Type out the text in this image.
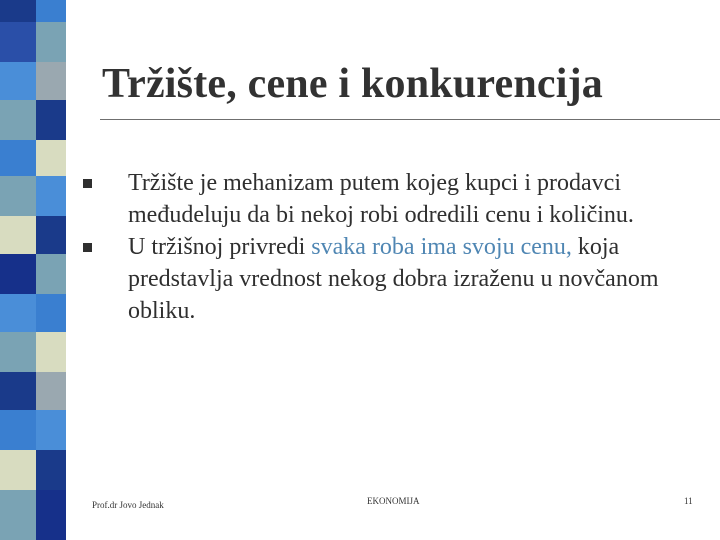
Tržište, cene i konkurencija
Tržište je mehanizam putem kojeg kupci i prodavci međudeluju da bi nekoj robi odredili cenu i količinu.
U tržišnoj privredi svaka roba ima svoju cenu, koja predstavlja vrednost nekog dobra izraženu u novčanom obliku.
Prof.dr Jovo Jednak	EKONOMIJA	11
